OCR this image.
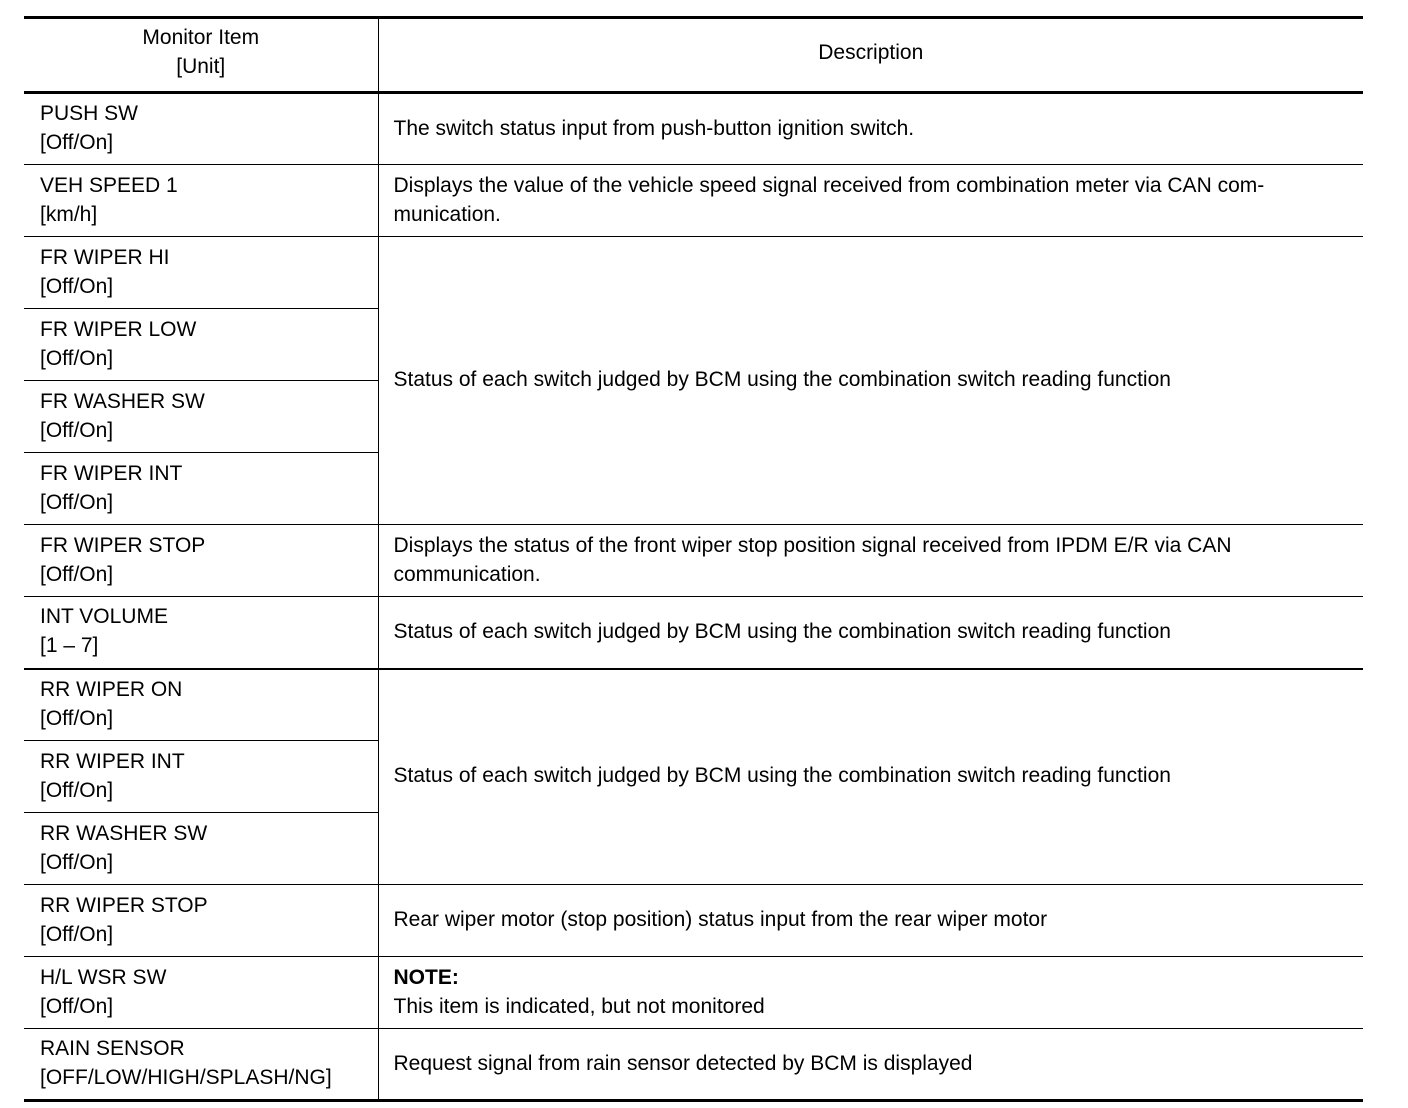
Monitor Item
[Unit]	Description

PUSH SW
[Off/On]	The switch status input from push-button ignition switch.

VEH SPEED 1
[km/h]	Displays the value of the vehicle speed signal received from combination meter via CAN com-
munication.

FR WIPER HI
[Off/On]	Status of each switch judged by BCM using the combination switch reading function

FR WIPER LOW
[Off/On]	

FR WASHER SW
[Off/On]	

FR WIPER INT
[Off/On]	

FR WIPER STOP
[Off/On]	Displays the status of the front wiper stop position signal received from IPDM E/R via CAN
communication.

INT VOLUME
[1 – 7]	Status of each switch judged by BCM using the combination switch reading function

RR WIPER ON
[Off/On]	Status of each switch judged by BCM using the combination switch reading function

RR WIPER INT
[Off/On]	

RR WASHER SW
[Off/On]	

RR WIPER STOP
[Off/On]	Rear wiper motor (stop position) status input from the rear wiper motor

H/L WSR SW
[Off/On]	NOTE:
This item is indicated, but not monitored

RAIN SENSOR
[OFF/LOW/HIGH/SPLASH/NG]	Request signal from rain sensor detected by BCM is displayed
